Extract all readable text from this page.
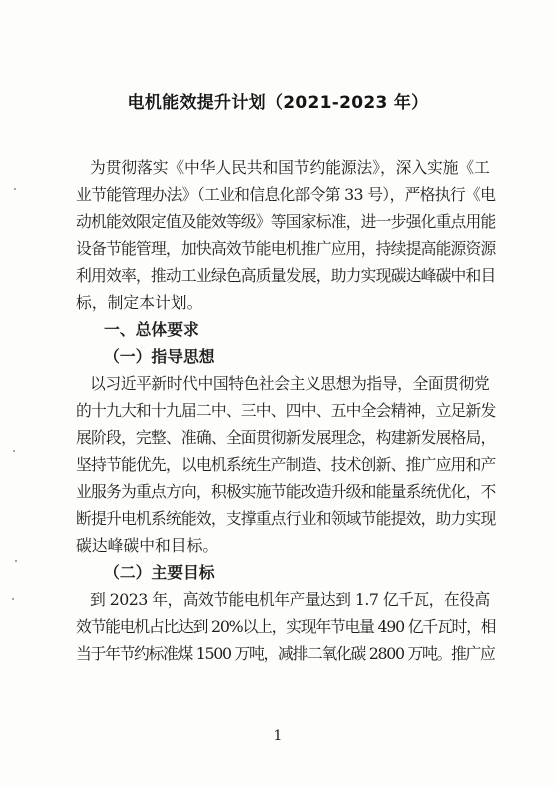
电机能效提升计划（2021-2023 年）
为贯彻落实《中华人民共和国节约能源法》，深入实施《工
业节能管理办法》（工业和信息化部令第 33 号），严格执行《电
动机能效限定值及能效等级》等国家标准，进一步强化重点用能
设备节能管理，加快高效节能电机推广应用，持续提高能源资源
利用效率，推动工业绿色高质量发展，助力实现碳达峰碳中和目
标，制定本计划。
一、总体要求
（一）指导思想
以习近平新时代中国特色社会主义思想为指导，全面贯彻党
的十九大和十九届二中、三中、四中、五中全会精神，立足新发
展阶段，完整、准确、全面贯彻新发展理念，构建新发展格局，
坚持节能优先，以电机系统生产制造、技术创新、推广应用和产
业服务为重点方向，积极实施节能改造升级和能量系统优化，不
断提升电机系统能效，支撑重点行业和领域节能提效，助力实现
碳达峰碳中和目标。
（二）主要目标
到 2023 年，高效节能电机年产量达到 1.7 亿千瓦，在役高
效节能电机占比达到 20%以上，实现年节电量 490 亿千瓦时，相
当于年节约标准煤 1500 万吨，减排二氧化碳 2800 万吨。推广应
1
